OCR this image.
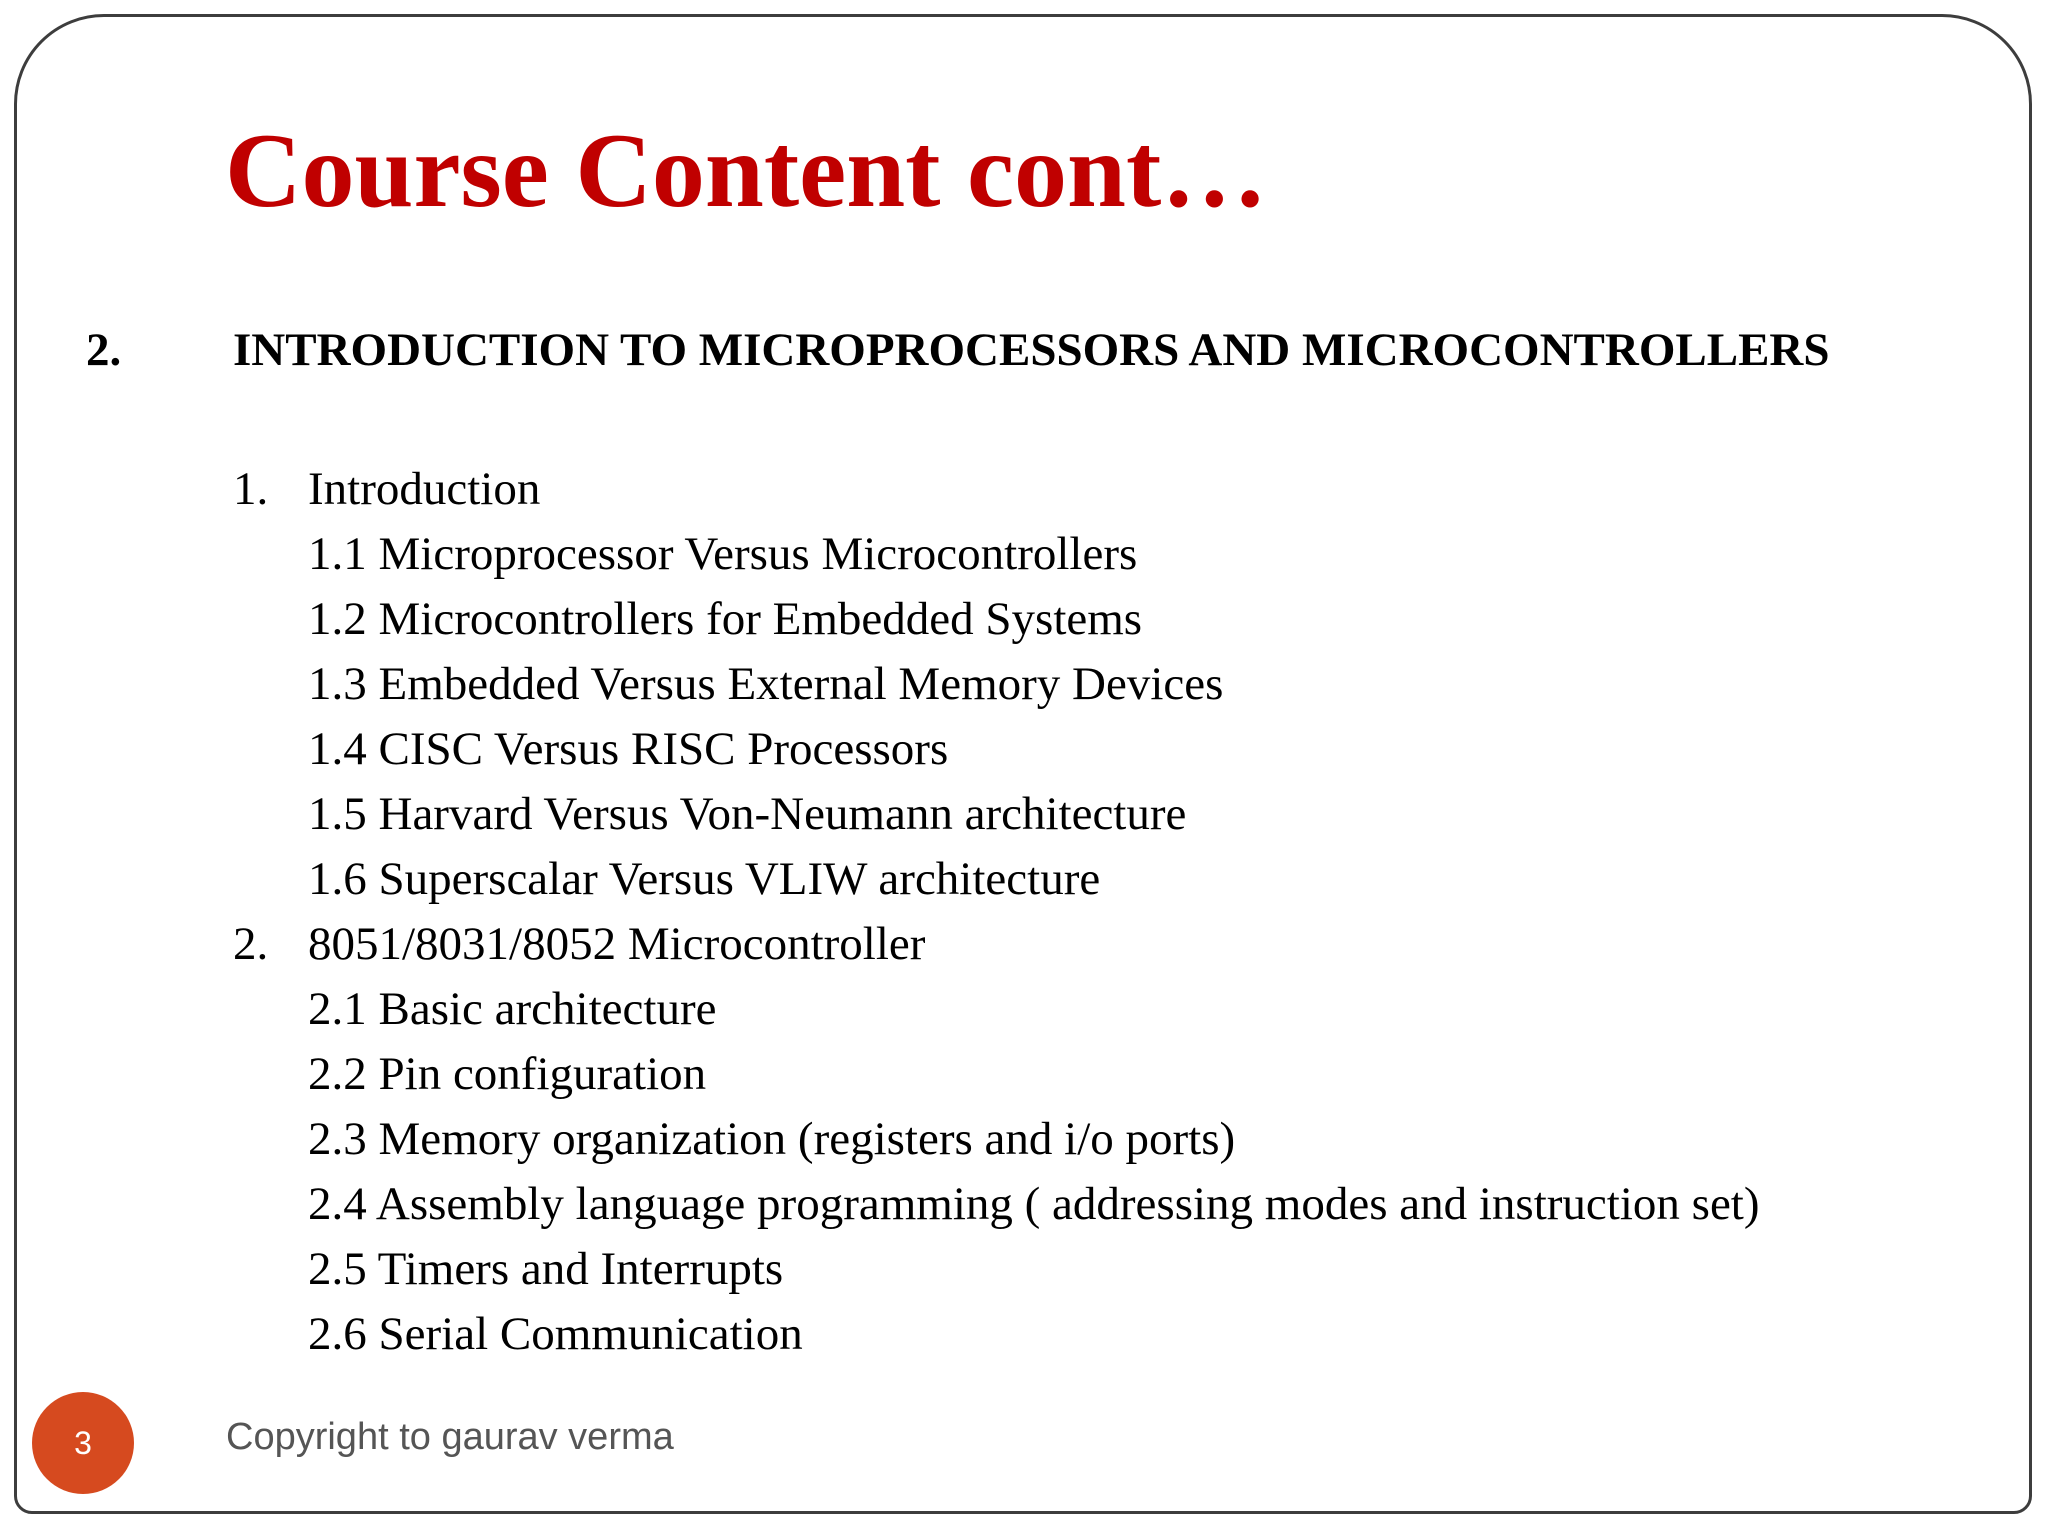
Course Content cont…
2. INTRODUCTION TO MICROPROCESSORS AND MICROCONTROLLERS
1. Introduction
1.1 Microprocessor Versus Microcontrollers
1.2 Microcontrollers for Embedded Systems
1.3 Embedded Versus External Memory Devices
1.4 CISC Versus RISC Processors
1.5 Harvard Versus Von-Neumann architecture
1.6 Superscalar Versus VLIW architecture
2. 8051/8031/8052 Microcontroller
2.1 Basic architecture
2.2 Pin configuration
2.3 Memory organization (registers and i/o ports)
2.4 Assembly language programming ( addressing modes and instruction set)
2.5 Timers and Interrupts
2.6 Serial Communication
3	Copyright to gaurav verma
